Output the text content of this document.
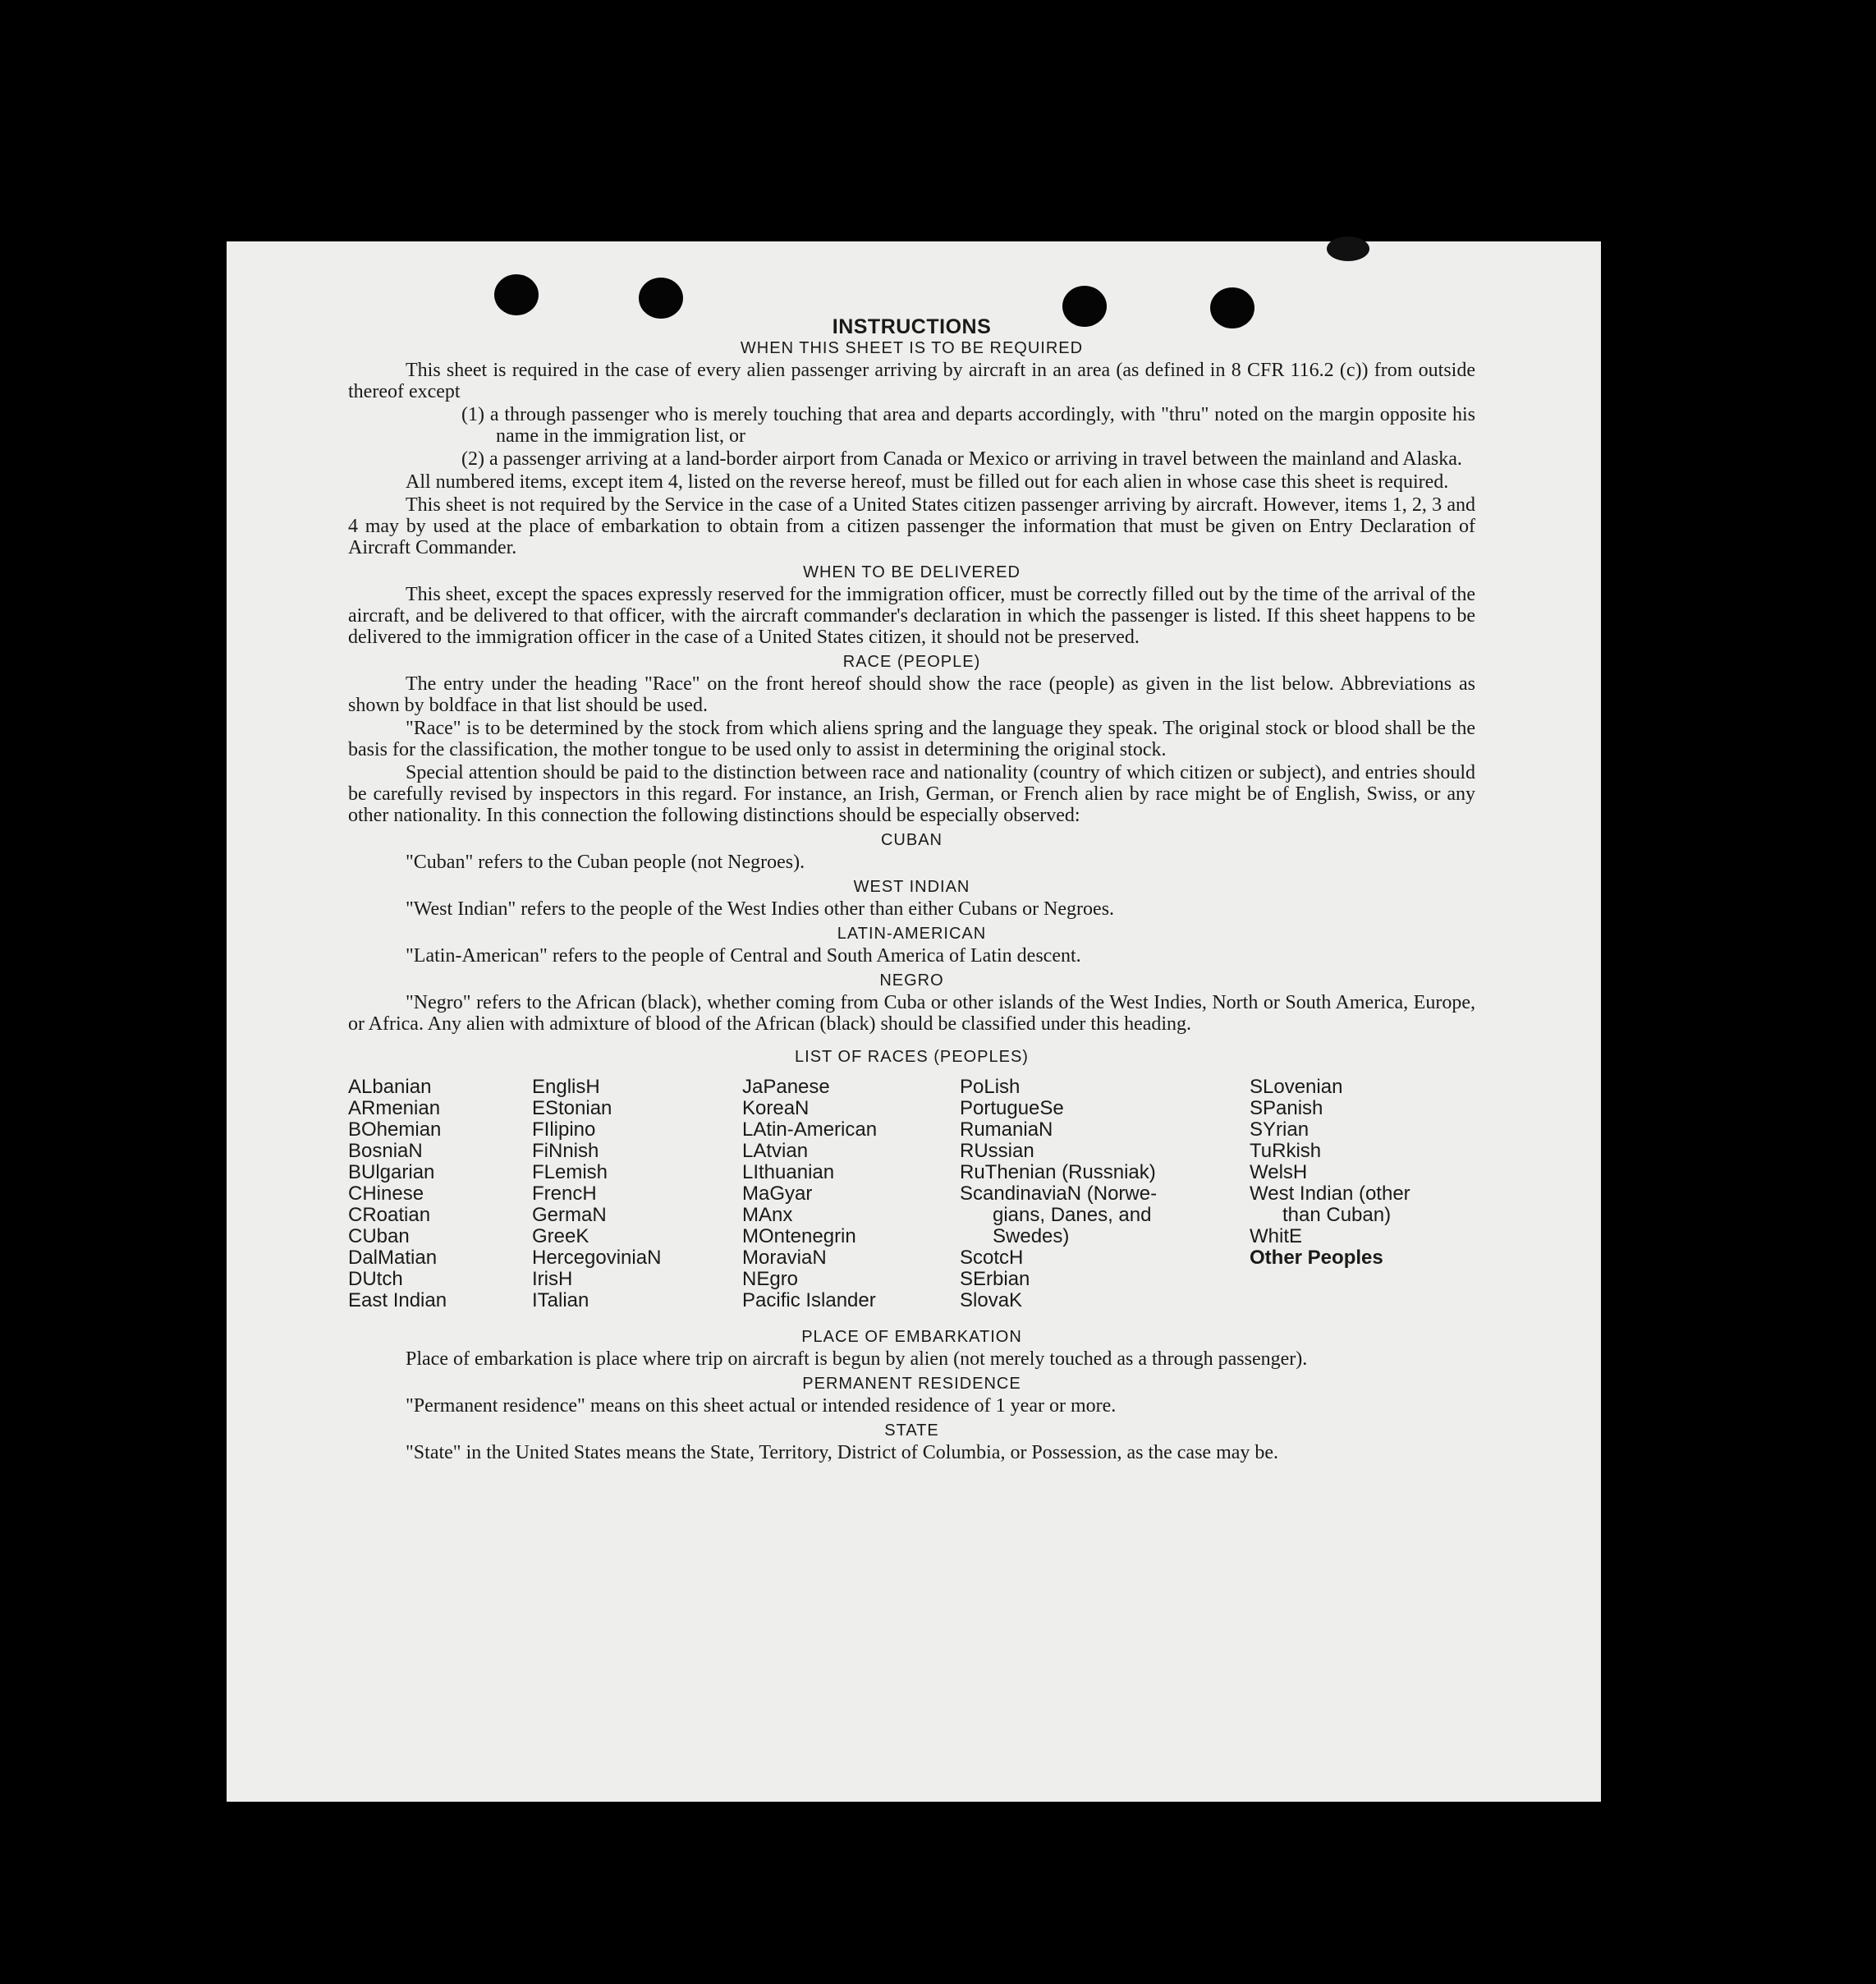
INSTRUCTIONS
WHEN THIS SHEET IS TO BE REQUIRED
This sheet is required in the case of every alien passenger arriving by aircraft in an area (as defined in 8 CFR 116.2 (c)) from outside thereof except
(1) a through passenger who is merely touching that area and departs accordingly, with "thru" noted on the margin opposite his name in the immigration list, or
(2) a passenger arriving at a land-border airport from Canada or Mexico or arriving in travel between the mainland and Alaska.
All numbered items, except item 4, listed on the reverse hereof, must be filled out for each alien in whose case this sheet is required.
This sheet is not required by the Service in the case of a United States citizen passenger arriving by aircraft. However, items 1, 2, 3 and 4 may by used at the place of embarkation to obtain from a citizen passenger the information that must be given on Entry Declaration of Aircraft Commander.
WHEN TO BE DELIVERED
This sheet, except the spaces expressly reserved for the immigration officer, must be correctly filled out by the time of the arrival of the aircraft, and be delivered to that officer, with the aircraft commander's declaration in which the passenger is listed. If this sheet happens to be delivered to the immigration officer in the case of a United States citizen, it should not be preserved.
RACE (PEOPLE)
The entry under the heading "Race" on the front hereof should show the race (people) as given in the list below. Abbreviations as shown by boldface in that list should be used.
"Race" is to be determined by the stock from which aliens spring and the language they speak. The original stock or blood shall be the basis for the classification, the mother tongue to be used only to assist in determining the original stock.
Special attention should be paid to the distinction between race and nationality (country of which citizen or subject), and entries should be carefully revised by inspectors in this regard. For instance, an Irish, German, or French alien by race might be of English, Swiss, or any other nationality. In this connection the following distinctions should be especially observed:
CUBAN
"Cuban" refers to the Cuban people (not Negroes).
WEST INDIAN
"West Indian" refers to the people of the West Indies other than either Cubans or Negroes.
LATIN-AMERICAN
"Latin-American" refers to the people of Central and South America of Latin descent.
NEGRO
"Negro" refers to the African (black), whether coming from Cuba or other islands of the West Indies, North or South America, Europe, or Africa. Any alien with admixture of blood of the African (black) should be classified under this heading.
LIST OF RACES (PEOPLES)
ALbanian
ARmenian
BOhemian
BosniaN
BUlgarian
CHinese
CRoatian
CUban
DalMatian
DUtch
East Indian
EnglisH
EStonian
FIlipino
FiNnish
FLemish
FrencH
GermaN
GreeK
HercegoviniaN
IrisH
ITalian
JaPanese
KoreaN
LAtin-American
LAtvian
LIthuanian
MaGyar
MAnx
MOntenegrin
MoraviaN
NEgro
Pacific Islander
PoLish
PortugueSe
RumaniaN
RUssian
RuThenian (Russniak)
ScandinaviaN (Norwe-
gians, Danes, and
Swedes)
ScotcH
SErbian
SlovaK
SLovenian
SPanish
SYrian
TuRkish
WelsH
West Indian (other
than Cuban)
WhitE
Other Peoples
PLACE OF EMBARKATION
Place of embarkation is place where trip on aircraft is begun by alien (not merely touched as a through passenger).
PERMANENT RESIDENCE
"Permanent residence" means on this sheet actual or intended residence of 1 year or more.
STATE
"State" in the United States means the State, Territory, District of Columbia, or Possession, as the case may be.
